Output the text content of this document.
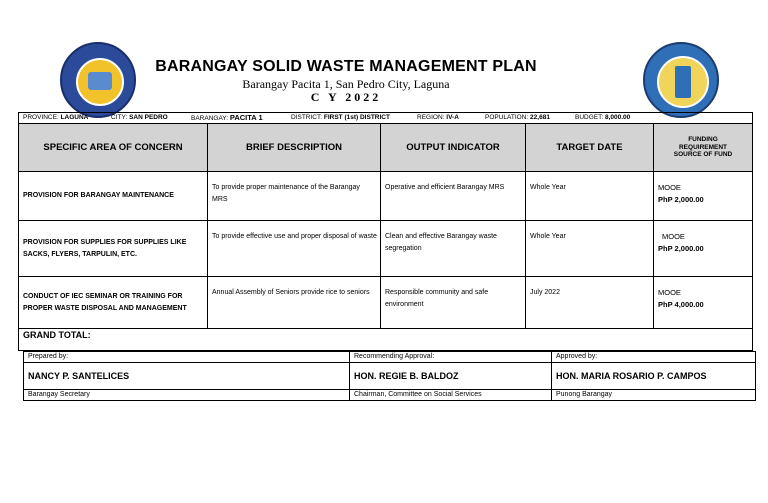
BARANGAY SOLID WASTE MANAGEMENT PLAN
Barangay Pacita 1, San Pedro City, Laguna
C Y 2022
PROVINCE: LAGUNA	CITY: SAN PEDRO	BARANGAY: PACITA 1	DISTRICT: FIRST (1st) DISTRICT	REGION: IV-A	POPULATION: 22,681	BUDGET: 8,000.00
SPECIFIC AREA OF CONCERN	BRIEF DESCRIPTION	OUTPUT INDICATOR	TARGET DATE	FUNDING
REQUIREMENT
SOURCE OF FUND

PROVISION FOR BARANGAY MAINTENANCE	To provide proper maintenance of the Barangay MRS	Operative and efficient Barangay MRS	Whole Year	MOOE
PhP 2,000.00

PROVISION FOR SUPPLIES FOR SUPPLIES LIKE SACKS, FLYERS, TARPULIN, ETC.	To provide effective use and proper disposal of waste	Clean and effective Barangay waste segregation	Whole Year	MOOE
PhP 2,000.00

CONDUCT OF IEC SEMINAR OR TRAINING FOR PROPER WASTE DISPOSAL AND MANAGEMENT	Annual Assembly of Seniors provide rice to seniors	Responsible community and safe environment	July 2022	MOOE
PhP 4,000.00
GRAND TOTAL:
Prepared by:	Recommending Approval:	Approved by:
NANCY P. SANTELICES	HON. REGIE B. BALDOZ	HON. MARIA ROSARIO P. CAMPOS
Barangay Secretary	Chairman, Committee on Social Services	Punong Barangay
